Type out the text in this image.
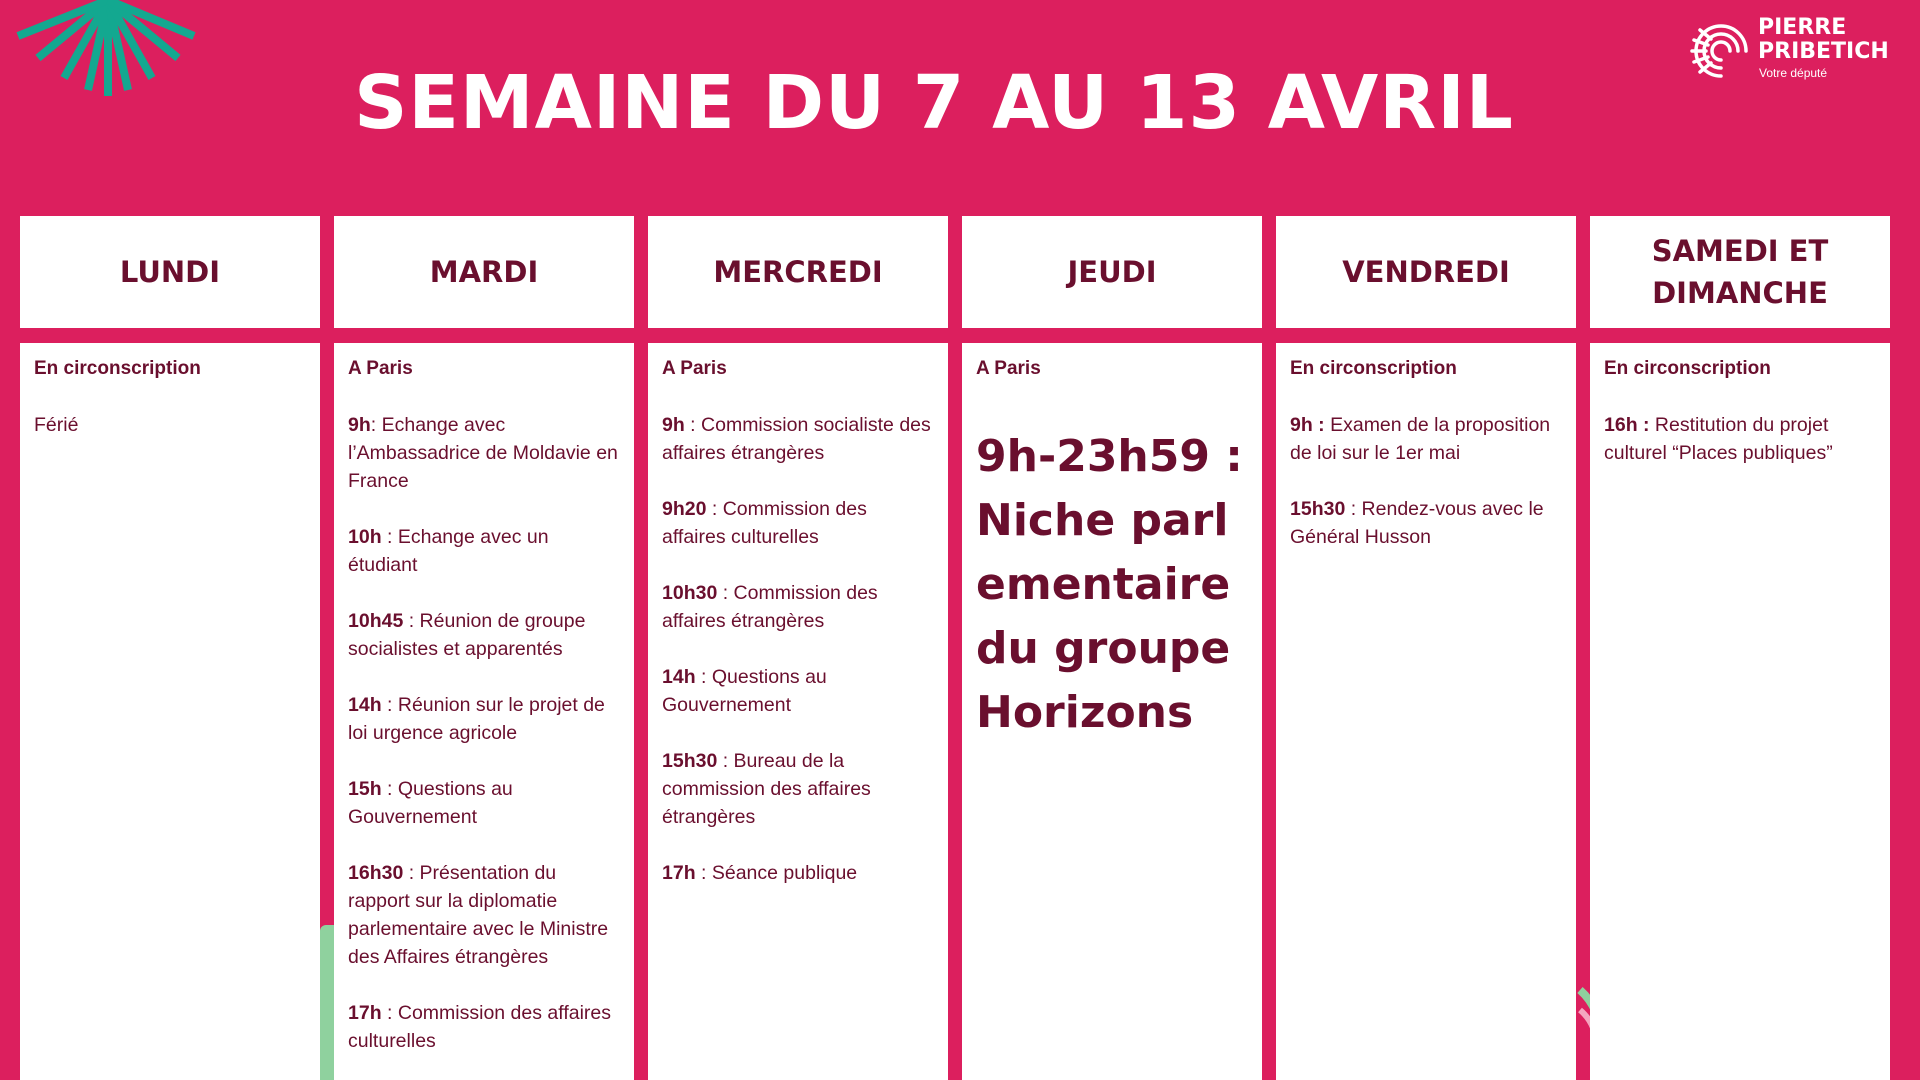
SEMAINE DU 7 AU 13 AVRIL
PIERRE
PRIBETICH
Votre député
LUNDI
En circonscription
Férié
MARDI
A Paris
9h: Echange avec l’Ambassadrice de Moldavie en France
10h : Echange avec un étudiant
10h45 : Réunion de groupe socialistes et apparentés
14h : Réunion sur le projet de loi urgence agricole
15h : Questions au Gouvernement
16h30 : Présentation du rapport sur la diplomatie parlementaire avec le Ministre des Affaires étrangères
17h : Commission des affaires culturelles
MERCREDI
A Paris
9h : Commission socialiste des affaires étrangères
9h20 : Commission des affaires culturelles
10h30 : Commission des affaires étrangères
14h : Questions au Gouvernement
15h30 : Bureau de la commission des affaires étrangères
17h : Séance publique
JEUDI
A Paris
9h-23h59 : Niche parlementaire du groupe Horizons
VENDREDI
En circonscription
9h : Examen de la proposition de loi sur le 1er mai
15h30 : Rendez-vous avec le Général Husson
SAMEDI ET DIMANCHE
En circonscription
16h : Restitution du projet culturel “Places publiques”
